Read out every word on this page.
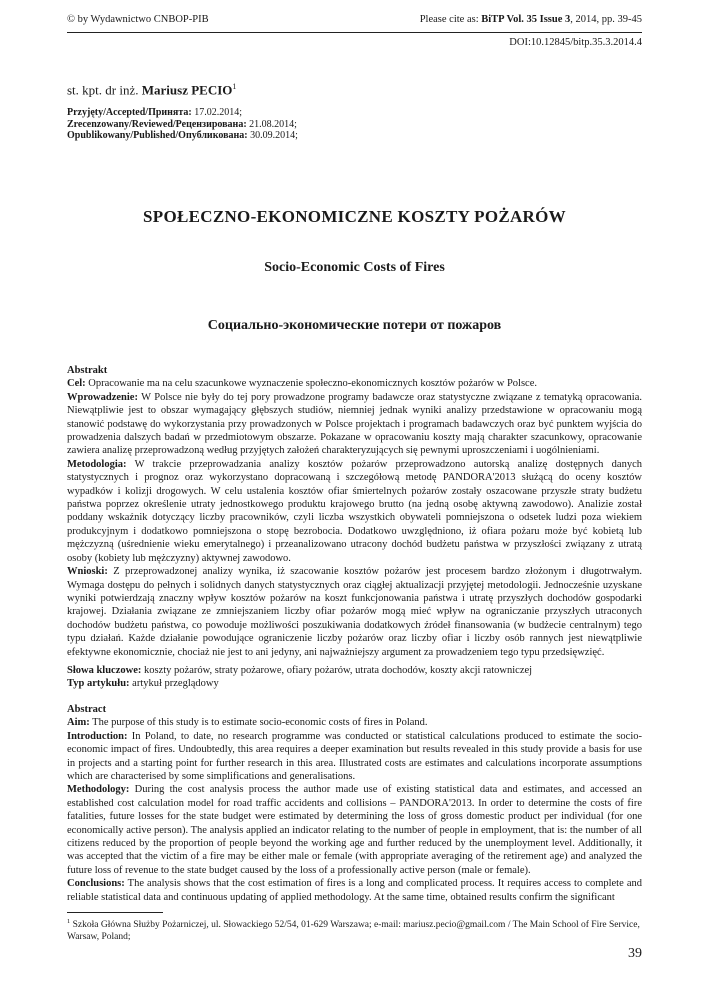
© by Wydawnictwo CNBOP-PIB	Please cite as: BiTP Vol. 35 Issue 3, 2014, pp. 39-45
DOI:10.12845/bitp.35.3.2014.4
st. kpt. dr inż. Mariusz PECIO$^1$
Przyjęty/Accepted/Принята: 17.02.2014;
Zrecenzowany/Reviewed/Рецензирована: 21.08.2014;
Opublikowany/Published/Опубликована: 30.09.2014;
SPOŁECZNO-EKONOMICZNE KOSZTY POŻARÓW
Socio-Economic Costs of Fires
Социально-экономические потери от пожаров

Abstrakt

Cel: Opracowanie ma na celu szacunkowe wyznaczenie społeczno-ekonomicznych kosztów pożarów w Polsce.

Wprowadzenie: W Polsce nie były do tej pory prowadzone programy badawcze oraz statystyczne związane z tematyką opracowania. Niewątpliwie jest to obszar wymagający głębszych studiów, niemniej jednak wyniki analizy przedstawione w opracowaniu mogą stanowić podstawę do wykorzystania przy prowadzonych w Polsce projektach i programach badawczych oraz być punktem wyjścia do prowadzenia dalszych badań w przedmiotowym obszarze. Pokazane w opracowaniu koszty mają charakter szacunkowy, opracowanie zawiera analizę przeprowadzoną według przyjętych założeń charakteryzujących się pewnymi uproszczeniami i uogólnieniami.

Metodologia: W trakcie przeprowadzania analizy kosztów pożarów przeprowadzono autorską analizę dostępnych danych statystycznych i prognoz oraz wykorzystano dopracowaną i szczegółową metodę PANDORA'2013 służącą do oceny kosztów wypadków i kolizji drogowych. W celu ustalenia kosztów ofiar śmiertelnych pożarów zostały oszacowane przyszłe straty budżetu państwa poprzez określenie utraty jednostkowego produktu krajowego brutto (na jedną osobę aktywną zawodowo). Analizie został poddany wskaźnik dotyczący liczby pracowników, czyli liczba wszystkich obywateli pomniejszona o odsetek ludzi poza wiekiem produkcyjnym i dodatkowo pomniejszona o stopę bezrobocia. Dodatkowo uwzględniono, iż ofiara pożaru może być kobietą lub mężczyzną (uśrednienie wieku emerytalnego) i przeanalizowano utracony dochód budżetu państwa w przyszłości związany z utratą osoby (kobiety lub mężczyzny) aktywnej zawodowo.

Wnioski: Z przeprowadzonej analizy wynika, iż szacowanie kosztów pożarów jest procesem bardzo złożonym i długotrwałym. Wymaga dostępu do pełnych i solidnych danych statystycznych oraz ciągłej aktualizacji przyjętej metodologii. Jednocześnie uzyskane wyniki potwierdzają znaczny wpływ kosztów pożarów na koszt funkcjonowania państwa i utratę przyszłych dochodów gospodarki krajowej. Działania związane ze zmniejszaniem liczby ofiar pożarów mogą mieć wpływ na ograniczanie przyszłych utraconych dochodów budżetu państwa, co powoduje możliwości poszukiwania dodatkowych źródeł finansowania (w budżecie centralnym) tego typu działań. Każde działanie powodujące ograniczenie liczby pożarów oraz liczby ofiar i liczby osób rannych jest niewątpliwie efektywne ekonomicznie, chociaż nie jest to ani jedyny, ani najważniejszy argument za prowadzeniem tego typu przedsięwzięć.

Słowa kluczowe: koszty pożarów, straty pożarowe, ofiary pożarów, utrata dochodów, koszty akcji ratowniczej

Typ artykułu: artykuł przeglądowy

Abstract

Aim: The purpose of this study is to estimate socio-economic costs of fires in Poland.

Introduction: In Poland, to date, no research programme was conducted or statistical calculations produced to estimate the socio-economic impact of fires. Undoubtedly, this area requires a deeper examination but results revealed in this study provide a basis for use in projects and a starting point for further research in this area. Illustrated costs are estimates and calculations incorporate assumptions which are characterised by some simplifications and generalisations.

Methodology: During the cost analysis process the author made use of existing statistical data and estimates, and accessed an established cost calculation model for road traffic accidents and collisions – PANDORA'2013. In order to determine the costs of fire fatalities, future losses for the state budget were estimated by determining the loss of gross domestic product per individual (for one economically active person). The analysis applied an indicator relating to the number of people in employment, that is: the number of all citizens reduced by the proportion of people beyond the working age and further reduced by the unemployment level. Additionally, it was accepted that the victim of a fire may be either male or female (with appropriate averaging of the retirement age) and analyzed the future loss of revenue to the state budget caused by the loss of a professionally active person (male or female).

Conclusions: The analysis shows that the cost estimation of fires is a long and complicated process. It requires access to complete and reliable statistical data and continuous updating of applied methodology. At the same time, obtained results confirm the significant

$^1$ Szkoła Główna Służby Pożarniczej, ul. Słowackiego 52/54, 01-629 Warszawa; e-mail: mariusz.pecio@gmail.com / The Main School of Fire Service, Warsaw, Poland;
39
